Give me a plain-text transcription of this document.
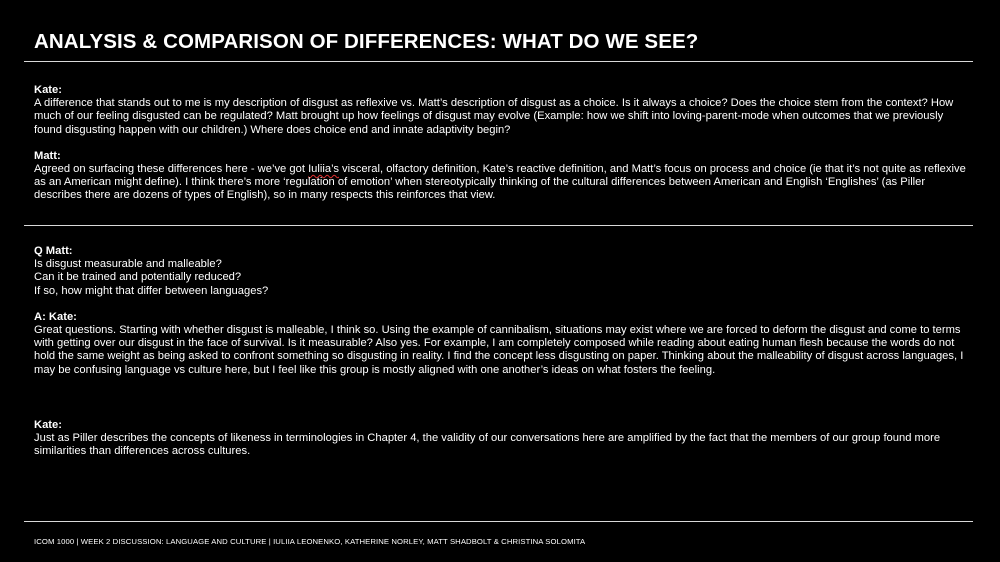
ANALYSIS & COMPARISON OF DIFFERENCES: WHAT DO WE SEE?
Kate:

A difference that stands out to me is my description of disgust as reflexive vs. Matt’s description of disgust as a choice. Is it always a choice? Does the choice stem from the context? How much of our feeling disgusted can be regulated? Matt brought up how feelings of disgust may evolve (Example: how we shift into loving-parent-mode when outcomes that we previously found disgusting happen with our children.) Where does choice end and innate adaptivity begin?

Matt:

Agreed on surfacing these differences here - we’ve got Iuliia’s visceral, olfactory definition, Kate’s reactive definition, and Matt’s focus on process and choice (ie that it’s not quite as reflexive as an American might define). I think there’s more ‘regulation of emotion’ when stereotypically thinking of the cultural differences between American and English ‘Englishes’ (as Piller describes there are dozens of types of English), so in many respects this reinforces that view.

Q Matt:
Is disgust measurable and malleable?
Can it be trained and potentially reduced?
If so, how might that differ between languages?
A: Kate:

Great questions. Starting with whether disgust is malleable, I think so. Using the example of cannibalism, situations may exist where we are forced to deform the disgust and come to terms with getting over our disgust in the face of survival. Is it measurable? Also yes. For example, I am completely composed while reading about eating human flesh because the words do not hold the same weight as being asked to confront something so disgusting in reality. I find the concept less disgusting on paper. Thinking about the malleability of disgust across languages, I may be confusing language vs culture here, but I feel like this group is mostly aligned with one another’s ideas on what fosters the feeling.

Kate:

Just as Piller describes the concepts of likeness in terminologies in Chapter 4, the validity of our conversations here are amplified by the fact that the members of our group found more similarities than differences across cultures.

ICOM 1000 | WEEK 2 DISCUSSION: LANGUAGE AND CULTURE | IULIIA LEONENKO, KATHERINE NORLEY, MATT SHADBOLT & CHRISTINA SOLOMITA
